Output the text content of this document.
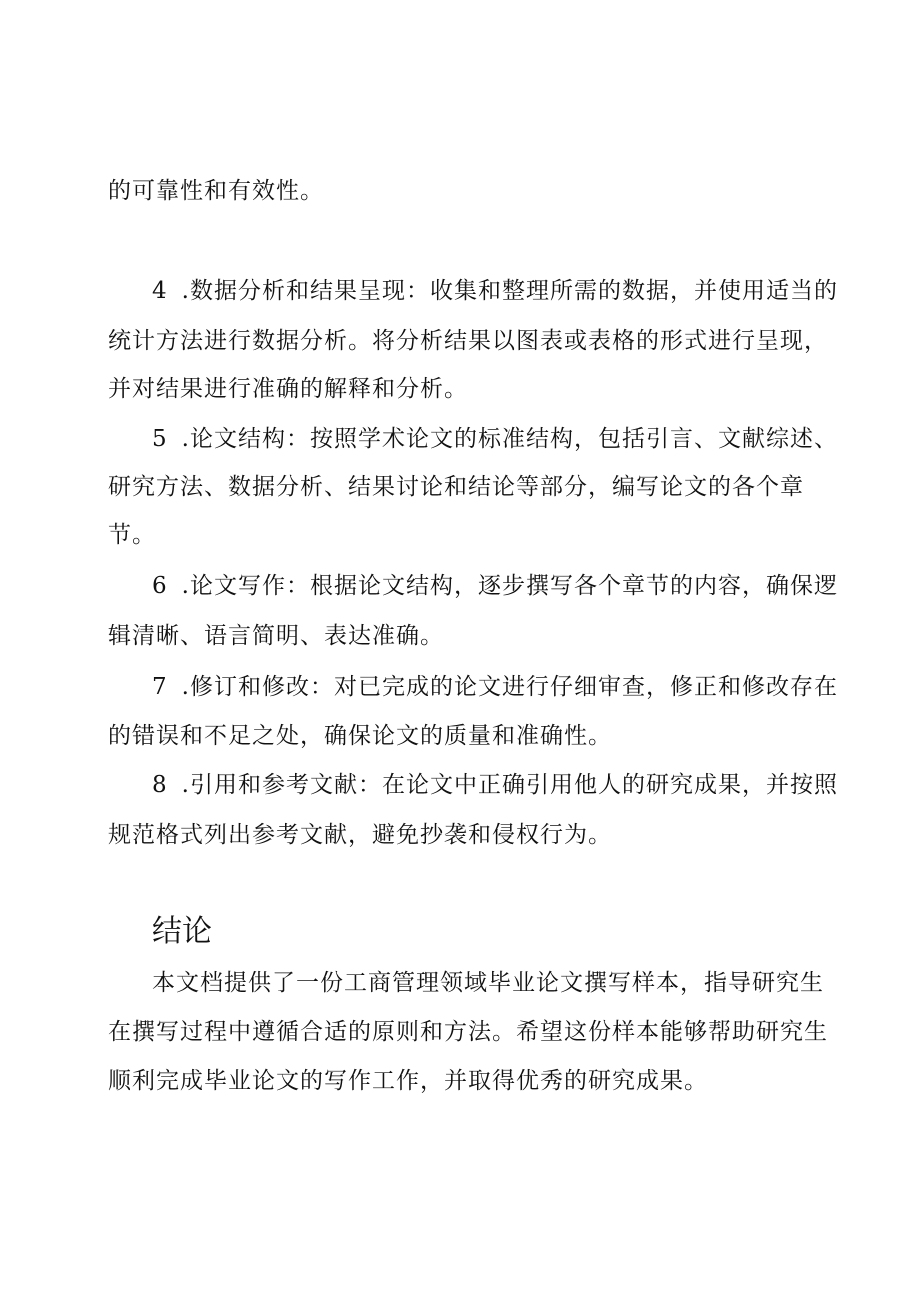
的可靠性和有效性。
4 .数据分析和结果呈现：收集和整理所需的数据，并使用适当的
统计方法进行数据分析。将分析结果以图表或表格的形式进行呈现，
并对结果进行准确的解释和分析。
5 .论文结构：按照学术论文的标准结构，包括引言、文献综述、
研究方法、数据分析、结果讨论和结论等部分，编写论文的各个章
节。
6 .论文写作：根据论文结构，逐步撰写各个章节的内容，确保逻
辑清晰、语言简明、表达准确。
7 .修订和修改：对已完成的论文进行仔细审查，修正和修改存在
的错误和不足之处，确保论文的质量和准确性。
8 .引用和参考文献：在论文中正确引用他人的研究成果，并按照
规范格式列出参考文献，避免抄袭和侵权行为。
结论
本文档提供了一份工商管理领域毕业论文撰写样本，指导研究生
在撰写过程中遵循合适的原则和方法。希望这份样本能够帮助研究生
顺利完成毕业论文的写作工作，并取得优秀的研究成果。
